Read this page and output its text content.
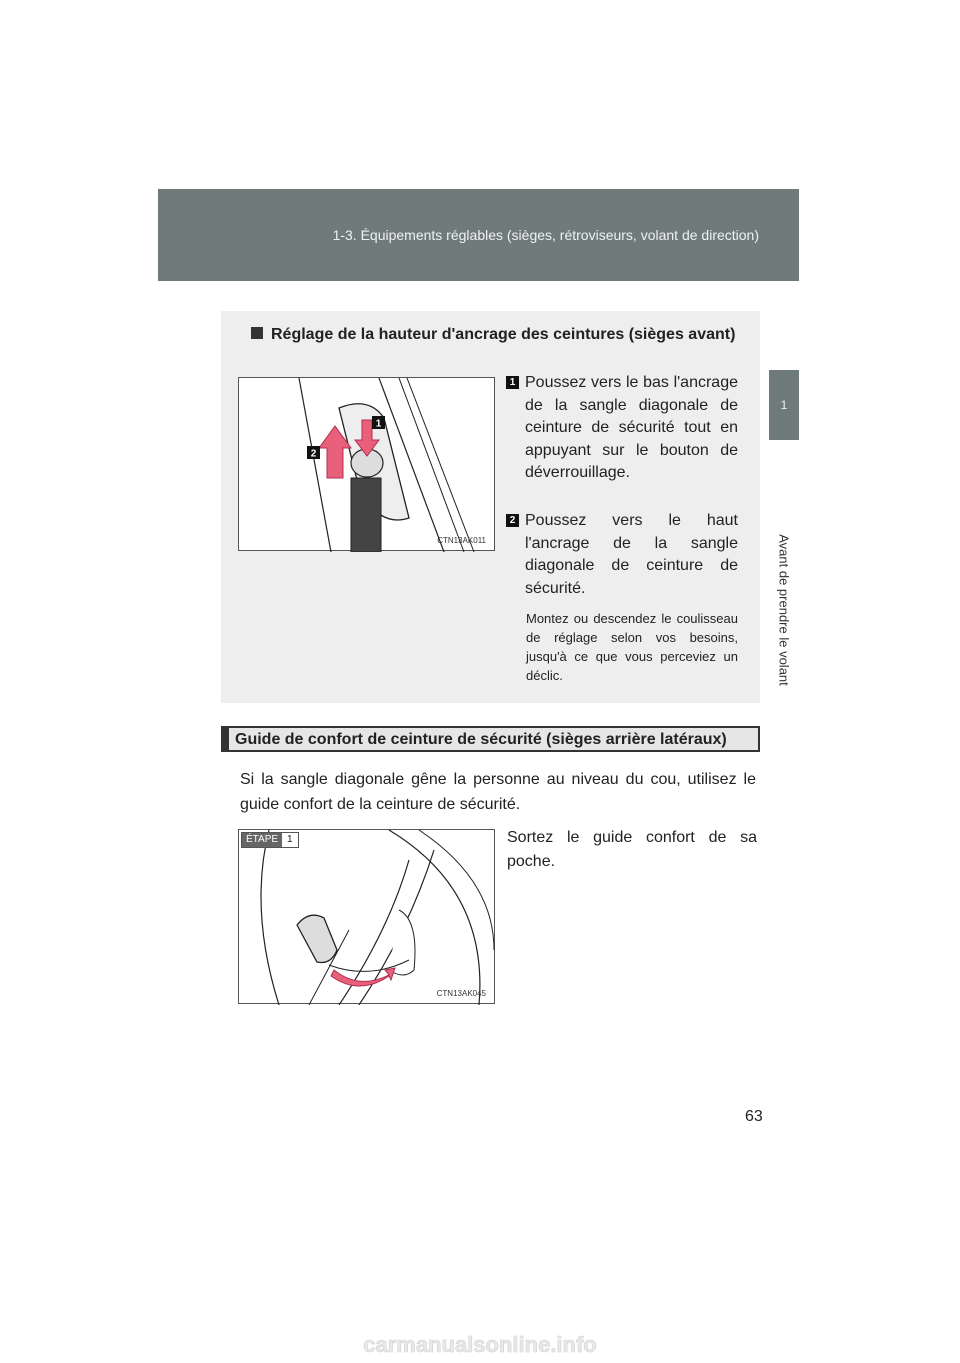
1-3. Équipements réglables (sièges, rétroviseurs, volant de direction)
1
Avant de prendre le volant
Réglage de la hauteur d'ancrage des ceintures (sièges avant)
1
2
CTN13AK011
1 Poussez vers le bas l'ancrage de la sangle diagonale de ceinture de sécurité tout en appuyant sur le bouton de déverrouillage.
2 Poussez vers le haut l'ancrage de la sangle diagonale de ceinture de sécurité.
Montez ou descendez le coulisseau de réglage selon vos besoins, jusqu'à ce que vous perceviez un déclic.
Guide de confort de ceinture de sécurité (sièges arrière latéraux)
Si la sangle diagonale gêne la personne au niveau du cou, utilisez le guide confort de la ceinture de sécurité.
ÉTAPE 1
CTN13AK045
Sortez le guide confort de sa poche.
63
carmanualsonline.info
